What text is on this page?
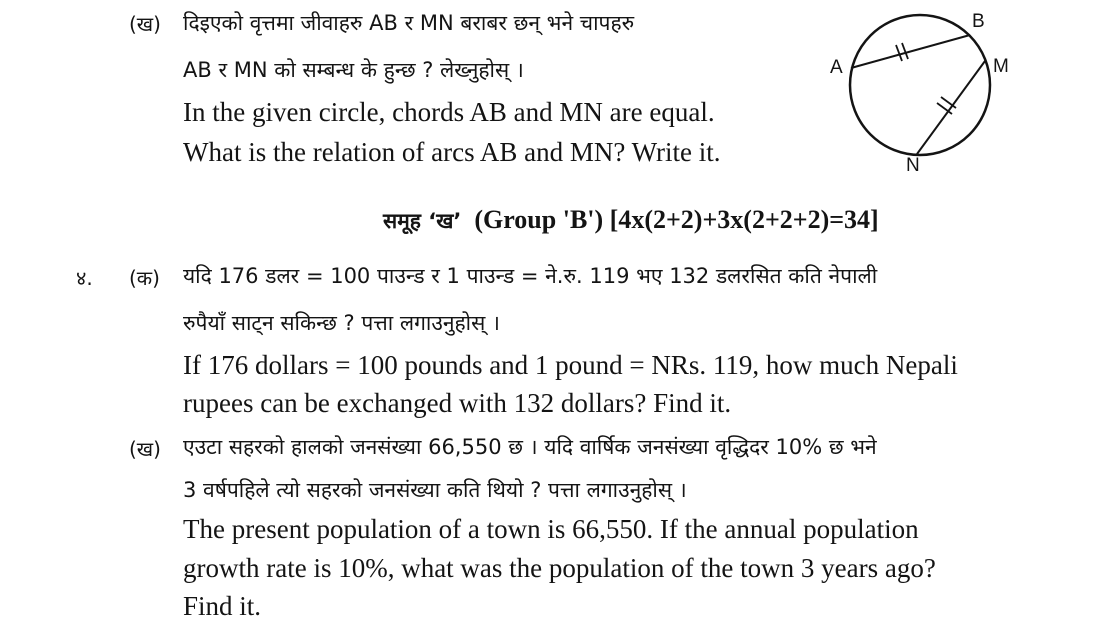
(ख) दिइएको वृत्तमा जीवाहरु AB र MN बराबर छन् भने चापहरु
AB र MN को सम्बन्ध के हुन्छ ? लेख्नुहोस् ।
In the given circle, chords AB and MN are equal.
What is the relation of arcs AB and MN? Write it.
A
B
M
N
समूह ‘ख’ (Group 'B') [4x(2+2)+3x(2+2+2)=34]
४. (क) यदि 176 डलर = 100 पाउन्ड र 1 पाउन्ड = ने.रु. 119 भए 132 डलरसित कति नेपाली
रुपैयाँ साट्न सकिन्छ ? पत्ता लगाउनुहोस् ।
If 176 dollars = 100 pounds and 1 pound = NRs. 119, how much Nepali
rupees can be exchanged with 132 dollars? Find it.
(ख) एउटा सहरको हालको जनसंख्या 66,550 छ । यदि वार्षिक जनसंख्या वृद्धिदर 10% छ भने
3 वर्षपहिले त्यो सहरको जनसंख्या कति थियो ? पत्ता लगाउनुहोस् ।
The present population of a town is 66,550. If the annual population
growth rate is 10%, what was the population of the town 3 years ago?
Find it.
